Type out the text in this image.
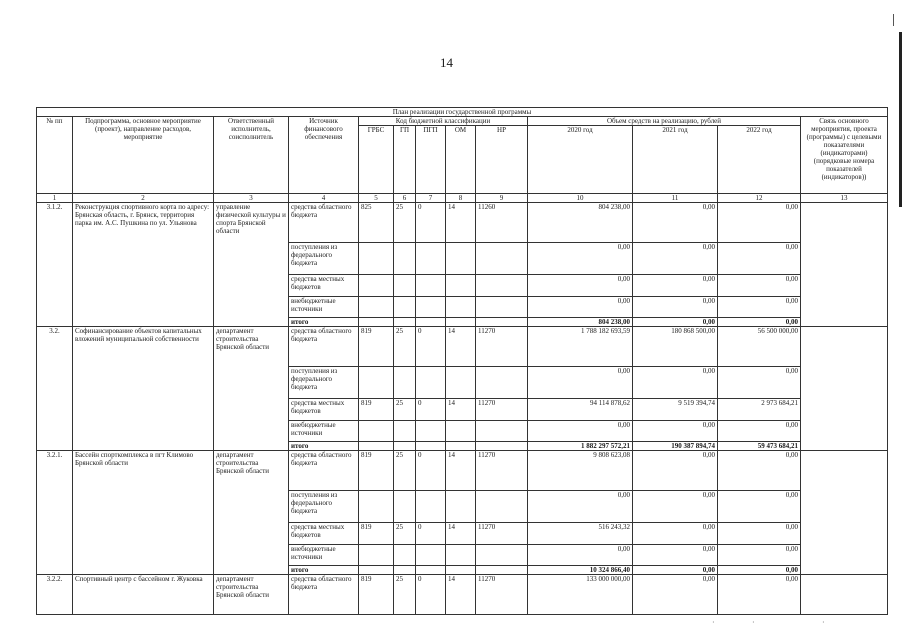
14
План реализации государственной программы												
№ пп	Подпрограмма, основное мероприятие (проект), направление расходов, мероприятие	Ответственный исполнитель, соисполнитель	Источник финансового обеспечения	Код бюджетной классификации					Объем средств на реализацию, рублей			Связь основного мероприятия, проекта (программы) с целевыми показателями (индикаторами) (порядковые номера показателей (индикаторов))
				ГРБС	ГП	ПГП	ОМ	НР	2020 год	2021 год	2022 год	
1	2	3	4	5	6	7	8	9	10	11	12	13
3.1.2.	Реконструкция спортивного корта по адресу: Брянская область, г. Брянск, территория парка им. А.С. Пушкина по ул. Ульянова	управление физической культуры и спорта Брянской области	средства областного бюджета	825	25	0	14	11260	804 238,00	0,00	0,00	
			поступления из федерального бюджета						0,00	0,00	0,00	
			средства местных бюджетов						0,00	0,00	0,00	
			внебюджетные источники						0,00	0,00	0,00	
			итого						804 238,00	0,00	0,00	
3.2.	Софинансирование объектов капитальных вложений муниципальной собственности	департамент строительства Брянской области	средства областного бюджета	819	25	0	14	11270	1 788 182 693,59	180 868 500,00	56 500 000,00	
			поступления из федерального бюджета						0,00	0,00	0,00	
			средства местных бюджетов	819	25	0	14	11270	94 114 878,62	9 519 394,74	2 973 684,21	
			внебюджетные источники						0,00	0,00	0,00	
			итого						1 882 297 572,21	190 387 894,74	59 473 684,21	
3.2.1.	Бассейн спорткомплекса в пгт Климово Брянской области	департамент строительства Брянской области	средства областного бюджета	819	25	0	14	11270	9 808 623,08	0,00	0,00	
			поступления из федерального бюджета						0,00	0,00	0,00	
			средства местных бюджетов	819	25	0	14	11270	516 243,32	0,00	0,00	
			внебюджетные источники						0,00	0,00	0,00	
			итого						10 324 866,40	0,00	0,00	
3.2.2.	Спортивный центр с бассейном г. Жуковка	департамент строительства Брянской области	средства областного бюджета	819	25	0	14	11270	133 000 000,00	0,00	0,00	
·	·	·
